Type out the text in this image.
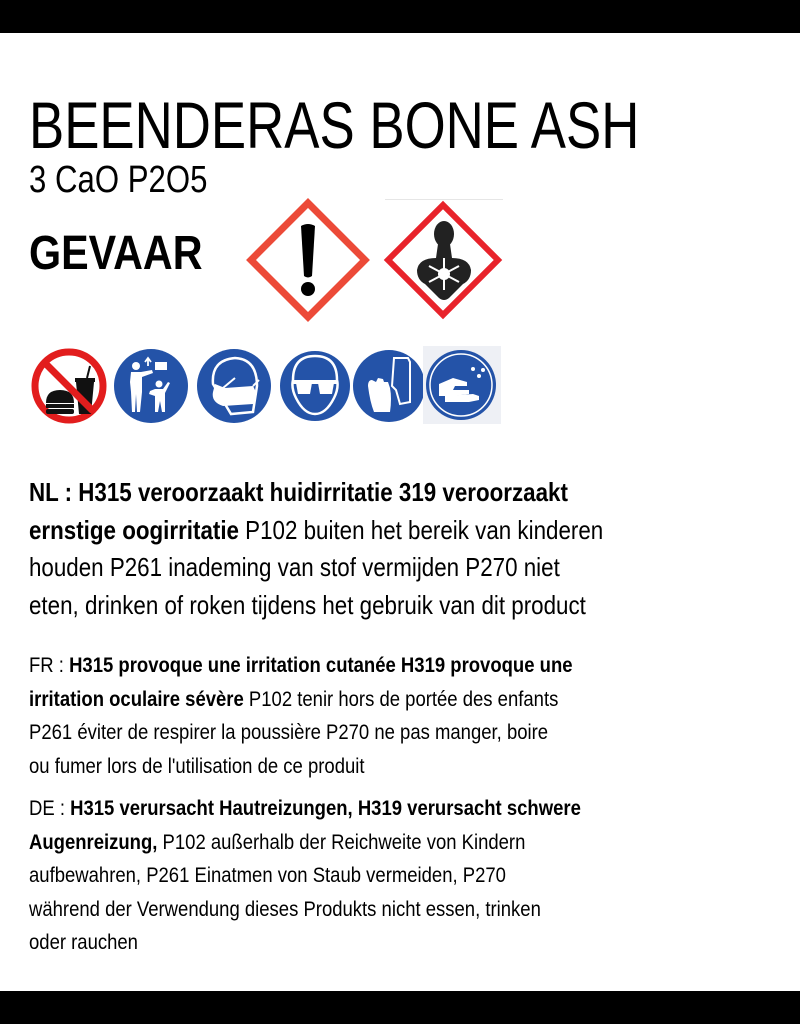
BEENDERAS BONE ASH
3 CaO P2O5
GEVAAR
NL : H315 veroorzaakt huidirritatie 319 veroorzaakt
ernstige oogirritatie P102 buiten het bereik van kinderen
houden P261 inademing van stof vermijden P270 niet
eten, drinken of roken tijdens het gebruik van dit product
FR : H315 provoque une irritation cutanée H319 provoque une
irritation oculaire sévère P102 tenir hors de portée des enfants
P261 éviter de respirer la poussière P270 ne pas manger, boire
ou fumer lors de l'utilisation de ce produit
DE : H315 verursacht Hautreizungen, H319 verursacht schwere
Augenreizung, P102 außerhalb der Reichweite von Kindern
aufbewahren, P261 Einatmen von Staub vermeiden, P270
während der Verwendung dieses Produkts nicht essen, trinken
oder rauchen
